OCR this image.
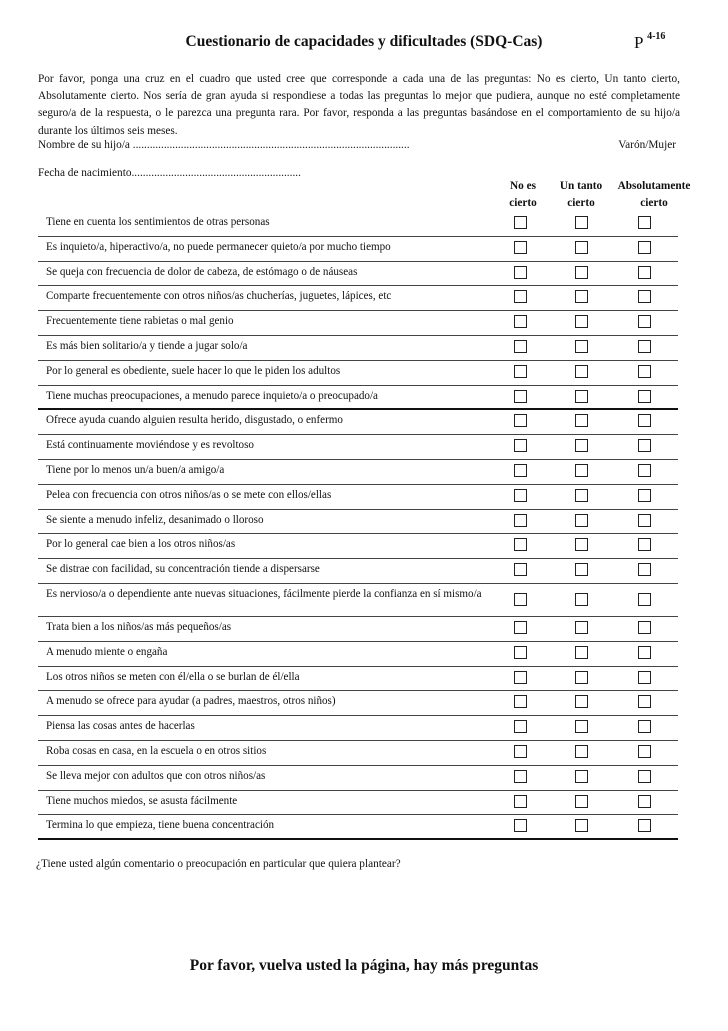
Cuestionario de capacidades y dificultades (SDQ-Cas)	P $^{4-16}$
Por favor, ponga una cruz en el cuadro que usted cree que corresponde a cada una de las preguntas: No es cierto, Un tanto cierto, Absolutamente cierto. Nos sería de gran ayuda si respondiese a todas las preguntas lo mejor que pudiera, aunque no esté completamente seguro/a de la respuesta, o le parezca una pregunta rara. Por favor, responda a las preguntas basándose en el comportamiento de su hijo/a durante los últimos seis meses.
Nombre de su hijo/a ..................................................................................................	Varón/Mujer
Fecha de nacimiento............................................................
No es
cierto
Un tanto
cierto
Absolutamente
cierto
Tiene en cuenta los sentimientos de otras personas
Es inquieto/a, hiperactivo/a, no puede permanecer quieto/a por mucho tiempo
Se queja con frecuencia de dolor de cabeza, de estómago o de náuseas
Comparte frecuentemente con otros niños/as chucherías, juguetes, lápices, etc
Frecuentemente tiene rabietas o mal genio
Es más bien solitario/a y tiende a jugar solo/a
Por lo general es obediente, suele hacer lo que le piden los adultos
Tiene muchas preocupaciones, a menudo parece inquieto/a o preocupado/a
Ofrece ayuda cuando alguien resulta herido, disgustado, o enfermo
Está continuamente moviéndose y es revoltoso
Tiene por lo menos un/a buen/a amigo/a
Pelea con frecuencia con otros niños/as o se mete con ellos/ellas
Se siente a menudo infeliz, desanimado o lloroso
Por lo general cae bien a los otros niños/as
Se distrae con facilidad, su concentración tiende a dispersarse
Es nervioso/a o dependiente ante nuevas situaciones, fácilmente pierde la confianza en sí mismo/a
Trata bien a los niños/as más pequeños/as
A menudo miente o engaña
Los otros niños se meten con él/ella o se burlan de él/ella
A menudo se ofrece para ayudar (a padres, maestros, otros niños)
Piensa las cosas antes de hacerlas
Roba cosas en casa, en la escuela o en otros sitios
Se lleva mejor con adultos que con otros niños/as
Tiene muchos miedos, se asusta fácilmente
Termina lo que empieza, tiene buena concentración
¿Tiene usted algún comentario o preocupación en particular que quiera plantear?
Por favor, vuelva usted la página, hay más preguntas
